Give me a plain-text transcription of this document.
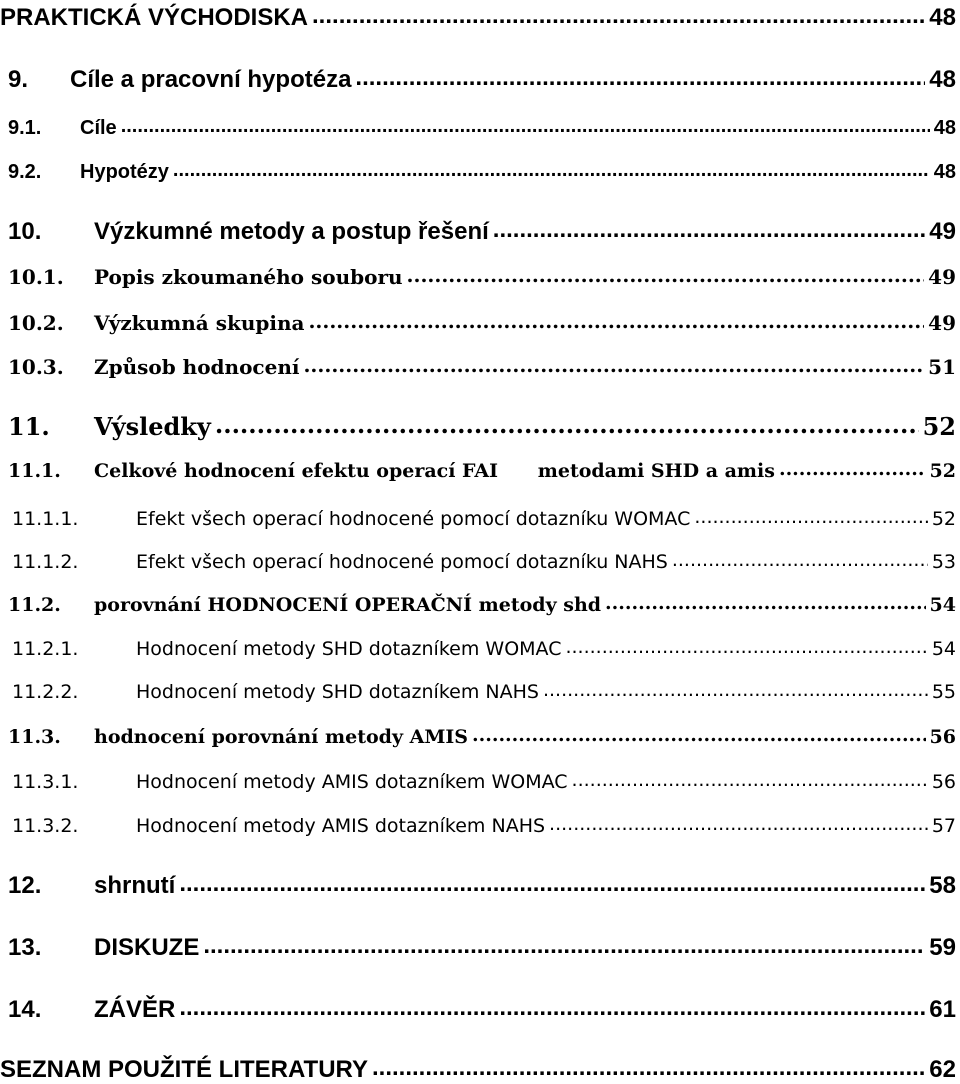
PRAKTICKÁ VÝCHODISKA .....	48
9.	Cíle a pracovní hypotéza .....	48
9.1.	Cíle .....	48
9.2.	Hypotézy .....	48
10.	Výzkumné metody a postup řešení .....	49
10.1.	Popis zkoumaného souboru .....	49
10.2.	Výzkumná skupina .....	49
10.3.	Způsob hodnocení .....	51
11.	Výsledky .....	52
11.1.	Celkové hodnocení efektu operací FAI      metodami SHD a amis .....	52
11.1.1.	Efekt všech operací hodnocené pomocí dotazníku WOMAC .....	52
11.1.2.	Efekt všech operací hodnocené pomocí dotazníku NAHS .....	53
11.2.	porovnání HODNOCENÍ OPERAČNÍ metody shd .....	54
11.2.1.	Hodnocení metody SHD dotazníkem WOMAC .....	54
11.2.2.	Hodnocení metody SHD dotazníkem NAHS .....	55
11.3.	hodnocení porovnání metody AMIS .....	56
11.3.1.	Hodnocení metody AMIS dotazníkem WOMAC .....	56
11.3.2.	Hodnocení metody AMIS dotazníkem NAHS .....	57
12.	shrnutí .....	58
13.	DISKUZE .....	59
14.	ZÁVĚR .....	61
SEZNAM POUŽITÉ LITERATURY .....	62
